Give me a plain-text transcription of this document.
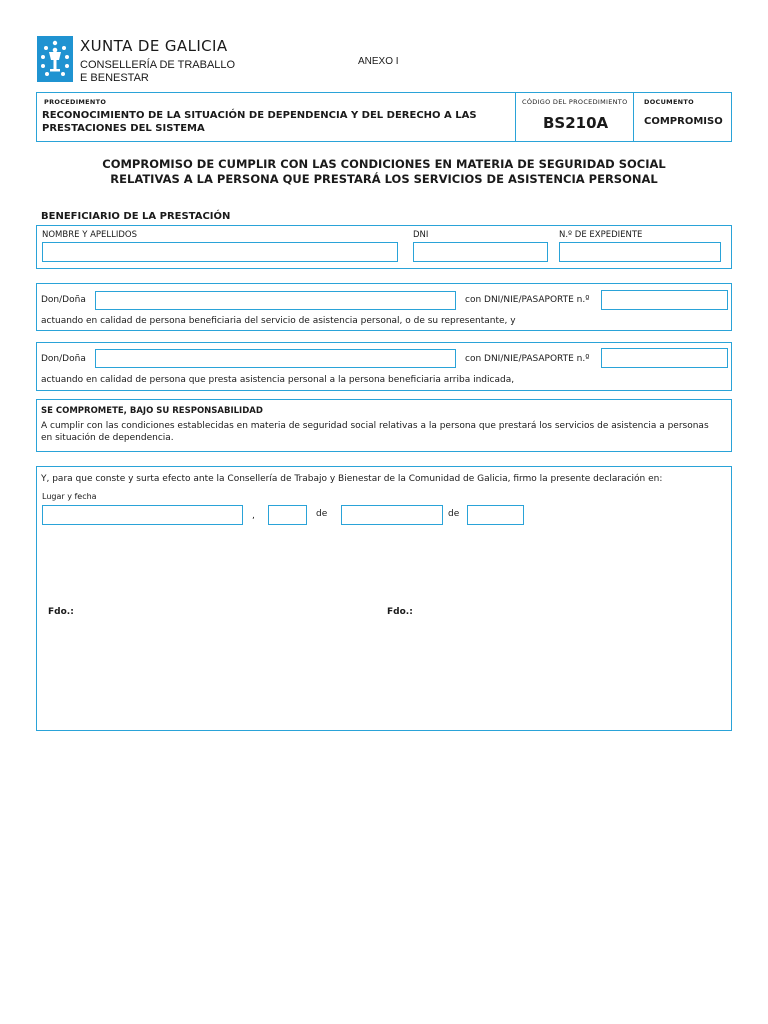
XUNTA DE GALICIA
CONSELLERÍA DE TRABALLO
E BENESTAR
ANEXO I
PROCEDIMENTO
RECONOCIMIENTO DE LA SITUACIÓN DE DEPENDENCIA Y DEL DERECHO A LAS
PRESTACIONES DEL SISTEMA
CÓDIGO DEL PROCEDIMIENTO
BS210A
DOCUMENTO
COMPROMISO
COMPROMISO DE CUMPLIR CON LAS CONDICIONES EN MATERIA DE SEGURIDAD SOCIAL
RELATIVAS A LA PERSONA QUE PRESTARÁ LOS SERVICIOS DE ASISTENCIA PERSONAL
BENEFICIARIO DE LA PRESTACIÓN
NOMBRE Y APELLIDOS	DNI	N.º DE EXPEDIENTE
Don/Doña	con DNI/NIE/PASAPORTE n.º
actuando en calidad de persona beneficiaria del servicio de asistencia personal, o de su representante, y
Don/Doña	con DNI/NIE/PASAPORTE n.º
actuando en calidad de persona que presta asistencia personal a la persona beneficiaria arriba indicada,
SE COMPROMETE, BAJO SU RESPONSABILIDAD
A cumplir con las condiciones establecidas en materia de seguridad social relativas a la persona que prestará los servicios de asistencia a personas
en situación de dependencia.
Y, para que conste y surta efecto ante la Consellería de Trabajo y Bienestar de la Comunidad de Galicia, firmo la presente declaración en:
Lugar y fecha
,	de	de
Fdo.:	Fdo.:
